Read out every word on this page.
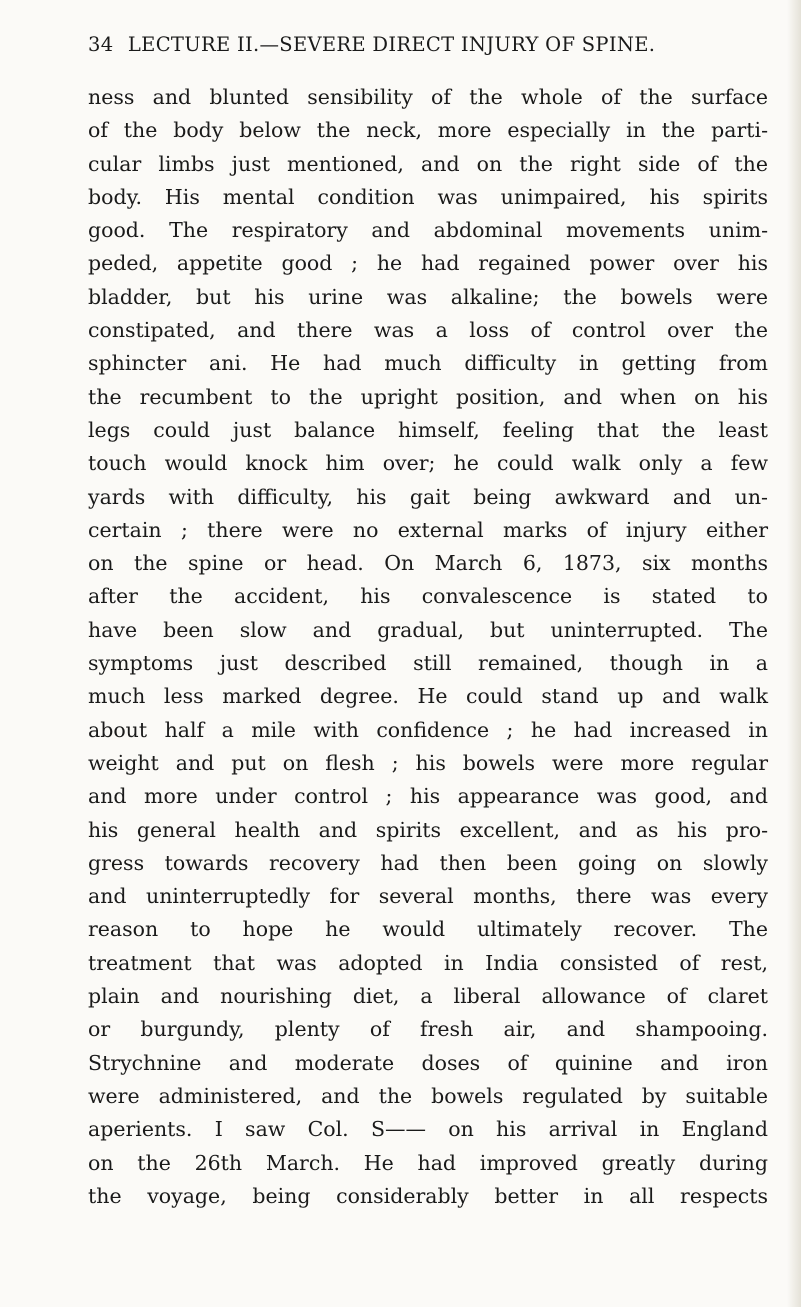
34 LECTURE II.—SEVERE DIRECT INJURY OF SPINE.
ness and blunted sensibility of the whole of the surface
of the body below the neck, more especially in the parti-
cular limbs just mentioned, and on the right side of the
body. His mental condition was unimpaired, his spirits
good. The respiratory and abdominal movements unim-
peded, appetite good ; he had regained power over his
bladder, but his urine was alkaline; the bowels were
constipated, and there was a loss of control over the
sphincter ani. He had much difficulty in getting from
the recumbent to the upright position, and when on his
legs could just balance himself, feeling that the least
touch would knock him over; he could walk only a few
yards with difficulty, his gait being awkward and un-
certain ; there were no external marks of injury either
on the spine or head. On March 6, 1873, six months
after the accident, his convalescence is stated to
have been slow and gradual, but uninterrupted. The
symptoms just described still remained, though in a
much less marked degree. He could stand up and walk
about half a mile with confidence ; he had increased in
weight and put on flesh ; his bowels were more regular
and more under control ; his appearance was good, and
his general health and spirits excellent, and as his pro-
gress towards recovery had then been going on slowly
and uninterruptedly for several months, there was every
reason to hope he would ultimately recover. The
treatment that was adopted in India consisted of rest,
plain and nourishing diet, a liberal allowance of claret
or burgundy, plenty of fresh air, and shampooing.
Strychnine and moderate doses of quinine and iron
were administered, and the bowels regulated by suitable
aperients. I saw Col. S—— on his arrival in England
on the 26th March. He had improved greatly during
the voyage, being considerably better in all respects
